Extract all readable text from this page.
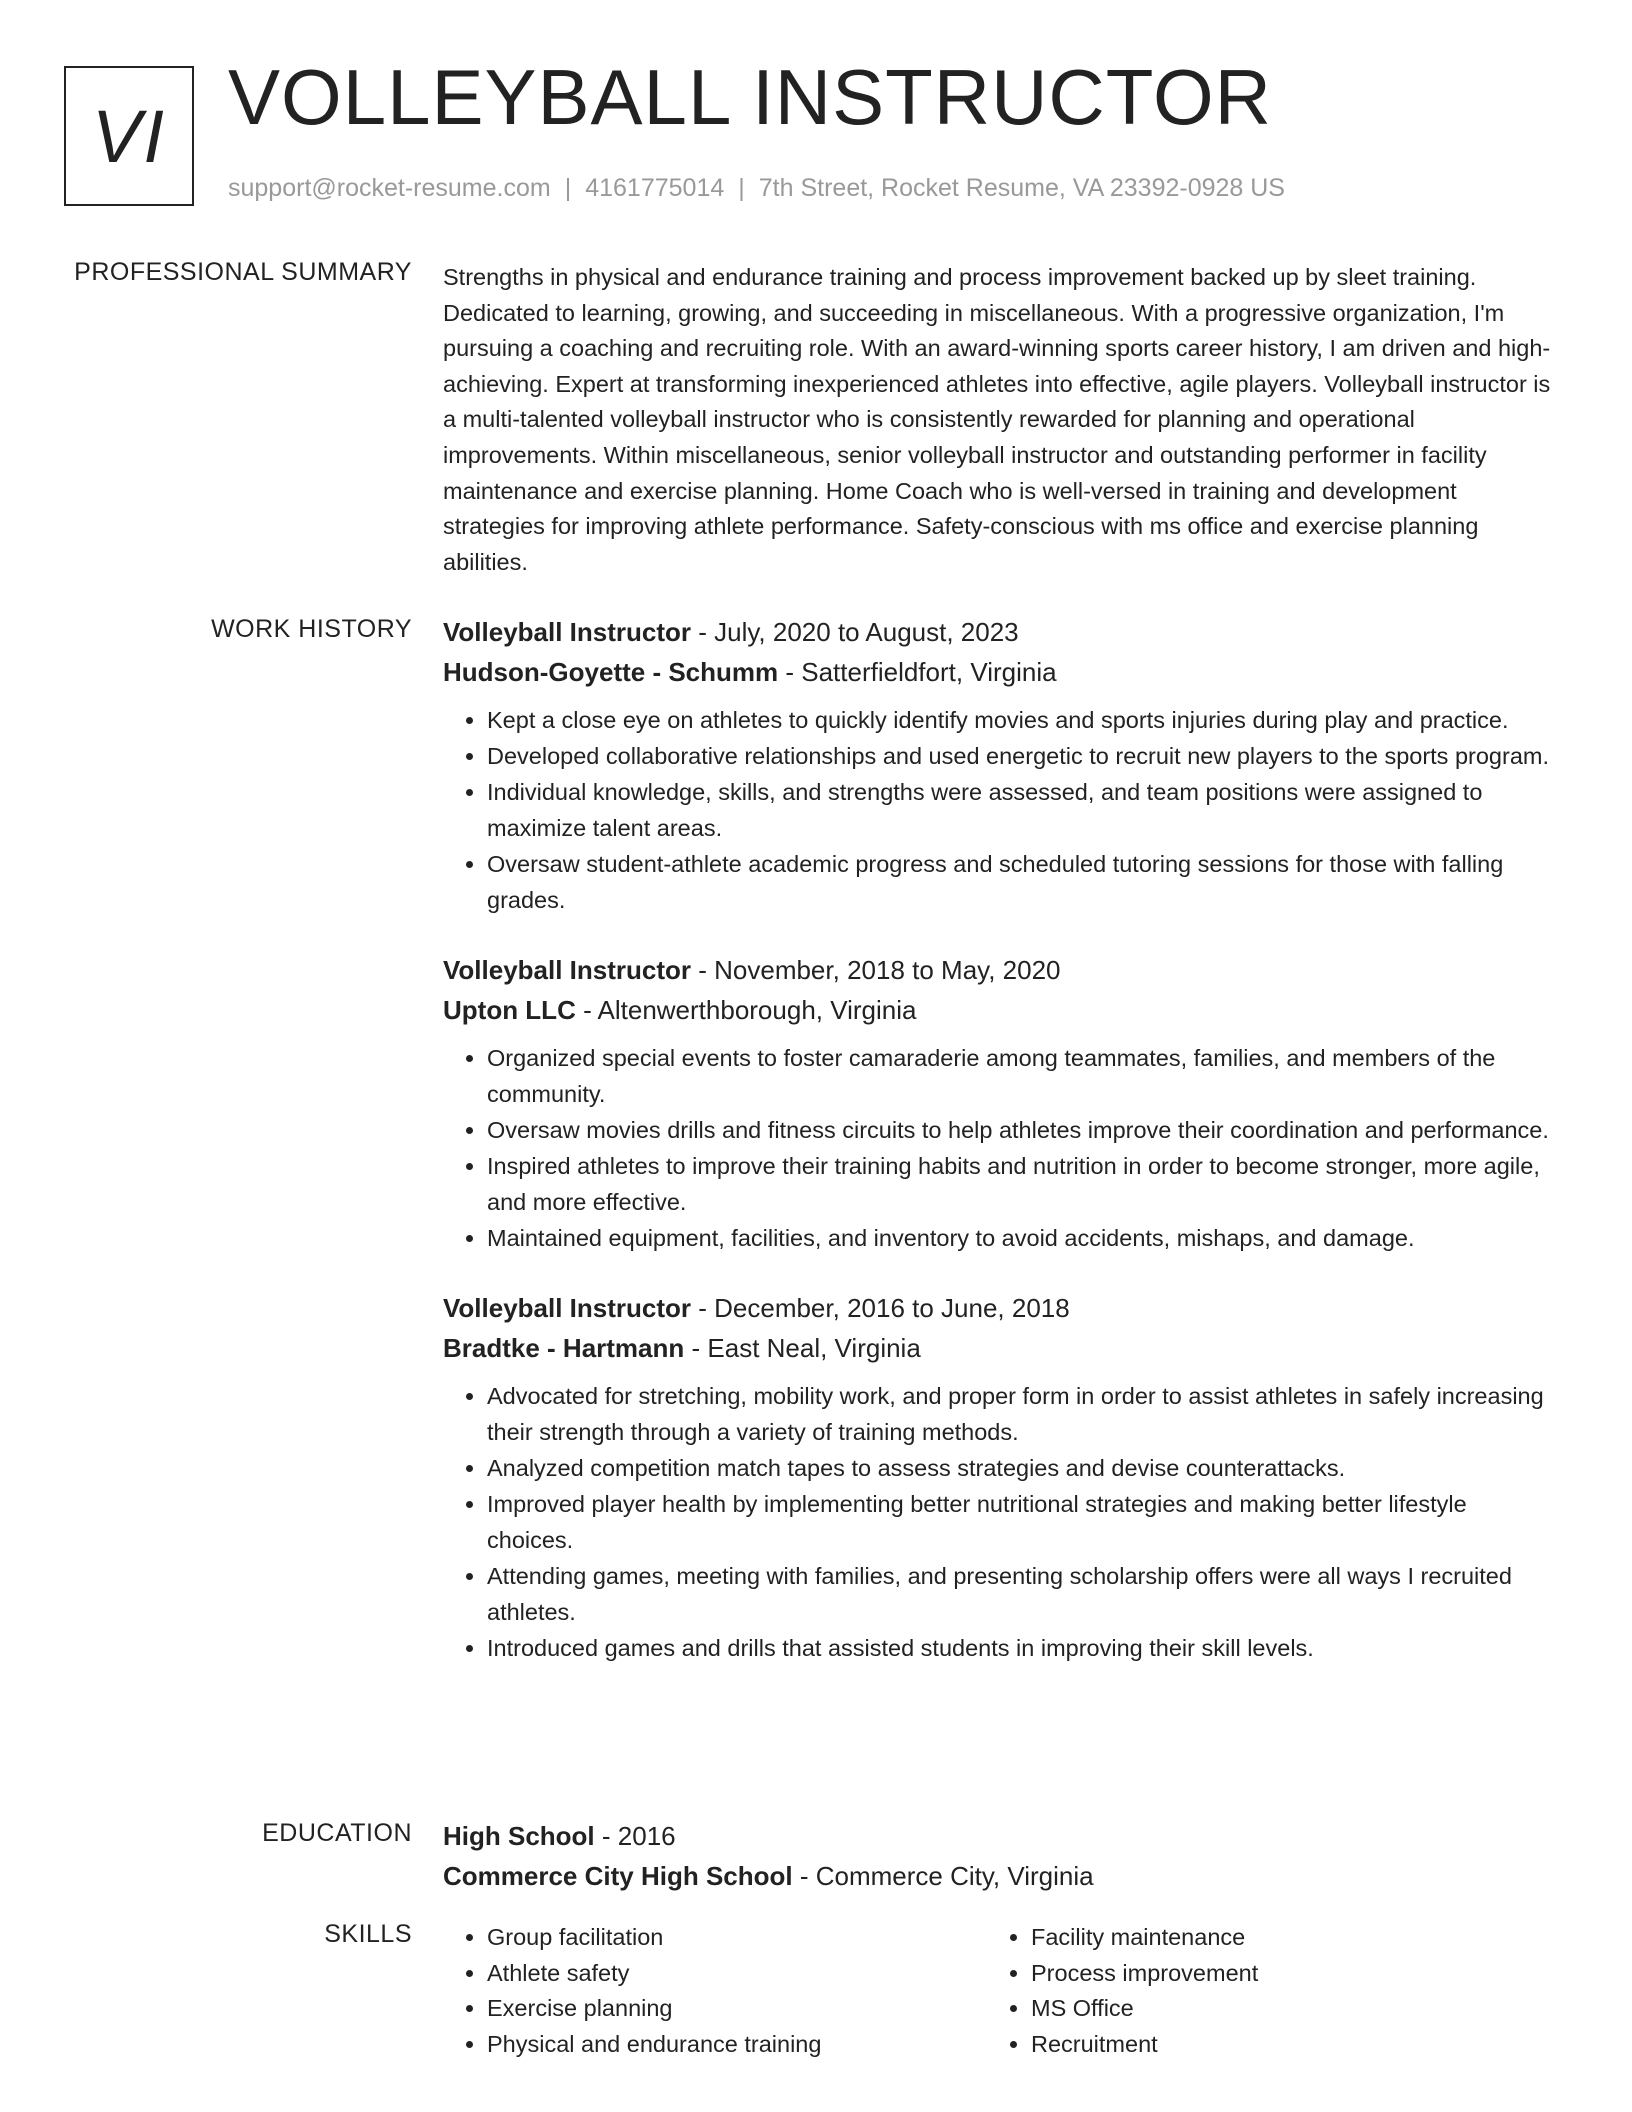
VI VOLLEYBALL INSTRUCTOR
support@rocket-resume.com | 4161775014 | 7th Street, Rocket Resume, VA 23392-0928 US
PROFESSIONAL SUMMARY Strengths in physical and endurance training and process improvement backed up by sleet training. Dedicated to learning, growing, and succeeding in miscellaneous. With a progressive organization, I'm pursuing a coaching and recruiting role. With an award-winning sports career history, I am driven and high-achieving. Expert at transforming inexperienced athletes into effective, agile players. Volleyball instructor is a multi-talented volleyball instructor who is consistently rewarded for planning and operational improvements. Within miscellaneous, senior volleyball instructor and outstanding performer in facility maintenance and exercise planning. Home Coach who is well-versed in training and development strategies for improving athlete performance. Safety-conscious with ms office and exercise planning abilities.

WORK HISTORY Volleyball Instructor - July, 2020 to August, 2023
Hudson-Goyette - Schumm - Satterfieldfort, Virginia
• Kept a close eye on athletes to quickly identify movies and sports injuries during play and practice.
• Developed collaborative relationships and used energetic to recruit new players to the sports program.
• Individual knowledge, skills, and strengths were assessed, and team positions were assigned to maximize talent areas.
• Oversaw student-athlete academic progress and scheduled tutoring sessions for those with falling grades.
Volleyball Instructor - November, 2018 to May, 2020
Upton LLC - Altenwerthborough, Virginia
• Organized special events to foster camaraderie among teammates, families, and members of the community.
• Oversaw movies drills and fitness circuits to help athletes improve their coordination and performance.
• Inspired athletes to improve their training habits and nutrition in order to become stronger, more agile, and more effective.
• Maintained equipment, facilities, and inventory to avoid accidents, mishaps, and damage.
Volleyball Instructor - December, 2016 to June, 2018
Bradtke - Hartmann - East Neal, Virginia
• Advocated for stretching, mobility work, and proper form in order to assist athletes in safely increasing their strength through a variety of training methods.
• Analyzed competition match tapes to assess strategies and devise counterattacks.
• Improved player health by implementing better nutritional strategies and making better lifestyle choices.
• Attending games, meeting with families, and presenting scholarship offers were all ways I recruited athletes.
• Introduced games and drills that assisted students in improving their skill levels.
EDUCATION High School - 2016
Commerce City High School - Commerce City, Virginia
SKILLS
•	Group facilitation
• Athlete safety
• Exercise planning
• Physical and endurance training
• Facility maintenance
• Process improvement
• MS Office
• Recruitment
